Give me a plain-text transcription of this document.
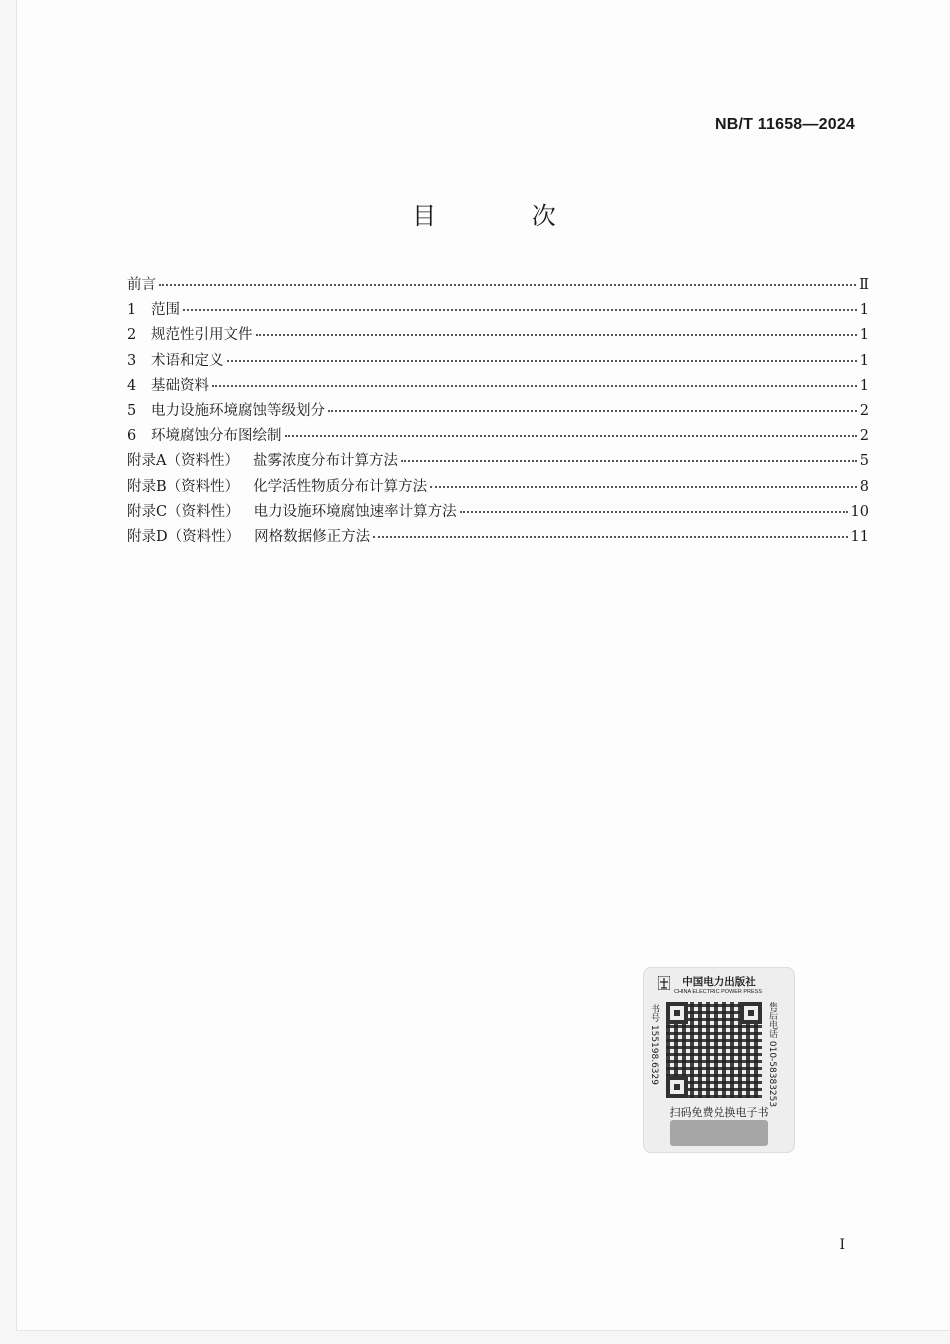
NB/T 11658—2024
目 次
前言	Ⅱ
1	范围	1
2	规范性引用文件	1
3	术语和定义	1
4	基础资料	1
5	电力设施环境腐蚀等级划分	2
6	环境腐蚀分布图绘制	2
附录A（资料性） 盐雾浓度分布计算方法	5
附录B（资料性） 化学活性物质分布计算方法	8
附录C（资料性） 电力设施环境腐蚀速率计算方法	10
附录D（资料性） 网格数据修正方法	11
中国电力出版社
CHINA ELECTRIC POWER PRESS
书号 155198.6329	售后电话 010-58383253
扫码免费兑换电子书
I
